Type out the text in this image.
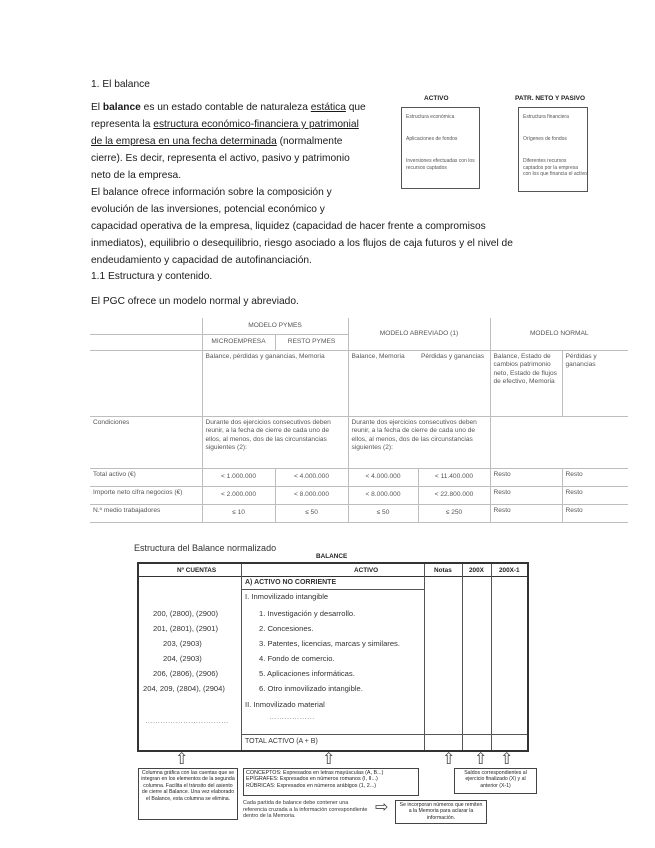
1. El balance
El balance es un estado contable de naturaleza estática que
representa la estructura económico-financiera y patrimonial
de la empresa en una fecha determinada (normalmente
cierre). Es decir, representa el activo, pasivo y patrimonio
neto de la empresa.
El balance ofrece información sobre la composición y
evolución de las inversiones, potencial económico y
capacidad operativa de la empresa, liquidez (capacidad de hacer frente a compromisos
inmediatos), equilibrio o desequilibrio, riesgo asociado a los flujos de caja futuros y el nivel de
endeudamiento y capacidad de autofinanciación.
1.1 Estructura y contenido.
El PGC ofrece un modelo normal y abreviado.
ACTIVO	PATR. NETO Y PASIVO
Estructura económica
Aplicaciones de fondos
Inversiones efectuadas con los recursos captados
Estructura financiera
Orígenes de fondos
Diferentes recursos captados por la empresa con los que financia el activo
	MODELO PYMES		MODELO ABREVIADO (1)		MODELO NORMAL	
	MICROEMPRESA	RESTO PYMES				
	Balance, pérdidas y ganancias, Memoria		Balance, Memoria	Pérdidas y ganancias	Balance, Estado de cambios patrimonio neto, Estado de flujos de efectivo, Memoria	Pérdidas y ganancias
Condiciones	Durante dos ejercicios consecutivos deben reunir, a la fecha de cierre de cada uno de ellos, al menos, dos de las circunstancias siguientes (2):		Durante dos ejercicios consecutivos deben reunir, a la fecha de cierre de cada uno de ellos, al menos, dos de las circunstancias siguientes (2):			
Total activo (€)	< 1.000.000	< 4.000.000	< 4.000.000	< 11.400.000	Resto	Resto
Importe neto cifra negocios (€)	< 2.000.000	< 8.000.000	< 8.000.000	< 22.800.000	Resto	Resto
N.º medio trabajadores	≤ 10	≤ 50	≤ 50	≤ 250	Resto	Resto
Estructura del Balance normalizado
BALANCE
Nº CUENTAS	ACTIVO	Notas	200X 200X-1
A) ACTIVO NO CORRIENTE
I. Inmovilizado intangible
200, (2800), (2900)	1. Investigación y desarrollo.
201, (2801), (2901)	2. Concesiones.
203, (2903)	3. Patentes, licencias, marcas y similares.
204, (2903)	4. Fondo de comercio.
206, (2806), (2906)	5. Aplicaciones informáticas.
204, 209, (2804), (2904)	6. Otro inmovilizado intangible.
II. Inmovilizado material
……………………………	………………
TOTAL ACTIVO (A + B)
⇧	⇧	⇧ ⇧ ⇧
⇨
Columna gráfica con las cuentas que se integran en los elementos de la segunda columna. Facilita el tránsito del asiento de cierre al Balance. Una vez elaborado el Balance, esta columna se elimina.
CONCEPTOS: Expresados en letras mayúsculas (A, B...)
EPÍGRAFES: Expresados en números romanos (I, II...)
RÚBRICAS: Expresados en números arábigos (1, 2...)
Saldos correspondientes al ejercicio finalizado (X) y al anterior (X-1)
Cada partida de balance debe contener una referencia cruzada a la información correspondiente dentro de la Memoria.
Se incorporan números que remiten a la Memoria para aclarar la información.
